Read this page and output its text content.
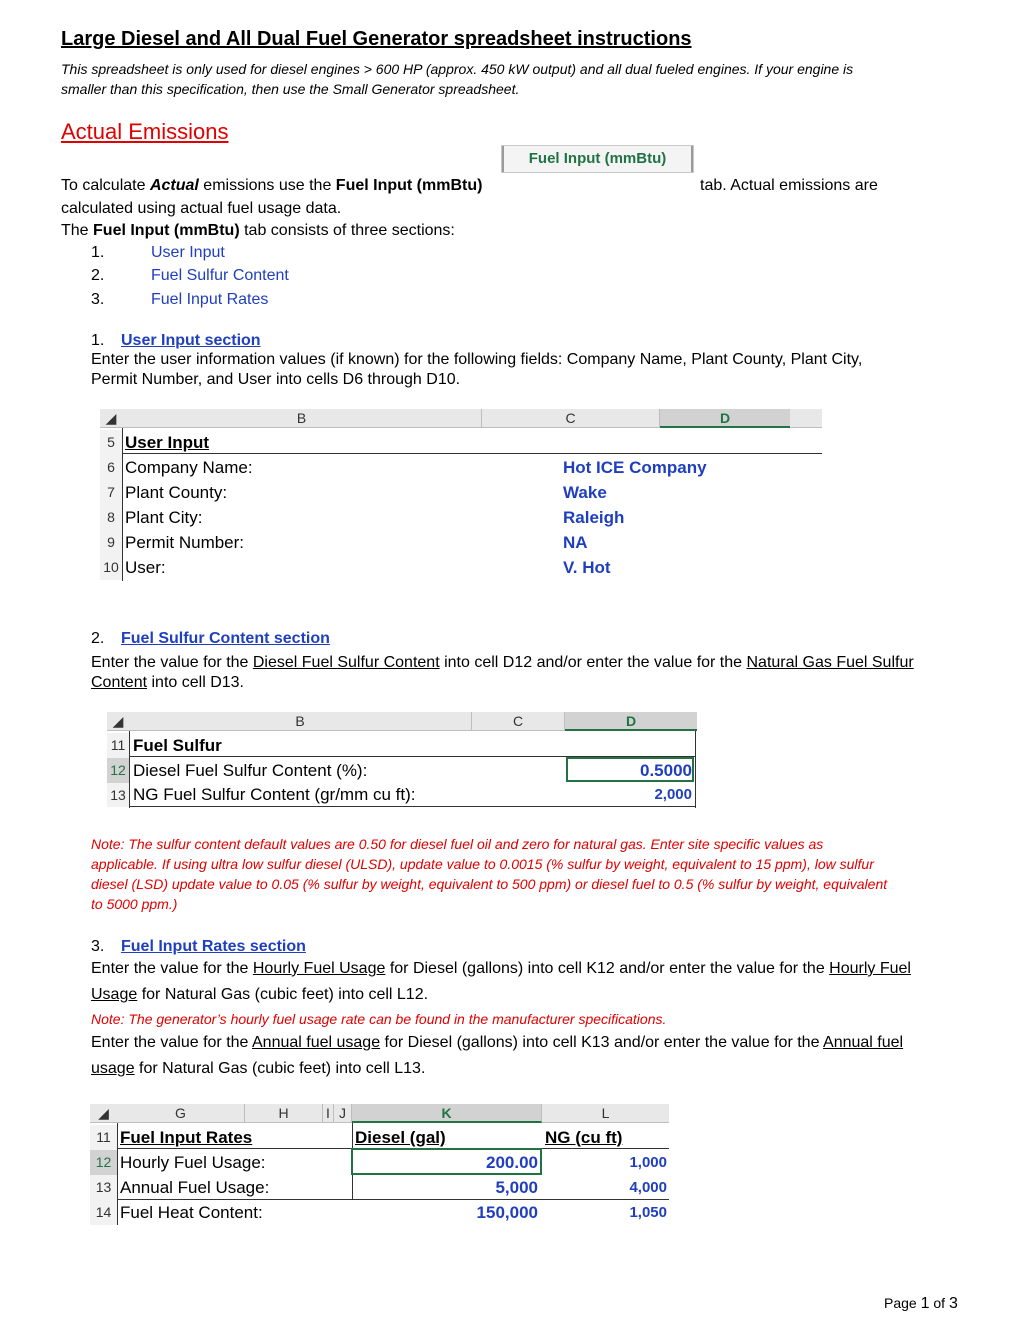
Large Diesel and All Dual Fuel Generator spreadsheet instructions
This spreadsheet is only used for diesel engines > 600 HP (approx. 450 kW output) and all dual fueled engines. If your engine is
smaller than this specification, then use the Small Generator spreadsheet.
Actual Emissions
Fuel Input (mmBtu)
To calculate Actual emissions use the Fuel Input (mmBtu)	tab. Actual emissions are
calculated using actual fuel usage data.
The Fuel Input (mmBtu) tab consists of three sections:
1.	User Input
2.	Fuel Sulfur Content
3.	Fuel Input Rates
1. User Input section
Enter the user information values (if known) for the following fields: Company Name, Plant County, Plant City,
Permit Number, and User into cells D6 through D10.
◢	B	C	D
5 User Input
6 Company Name:	Hot ICE Company
7 Plant County:	Wake
8 Plant City:	Raleigh
9 Permit Number:	NA
10 User:	V. Hot
2. Fuel Sulfur Content section
Enter the value for the Diesel Fuel Sulfur Content into cell D12 and/or enter the value for the Natural Gas Fuel Sulfur
Content into cell D13.
◢	B	C	D
11 Fuel Sulfur
12 Diesel Fuel Sulfur Content (%):	0.5000
13 NG Fuel Sulfur Content (gr/mm cu ft):	2,000
Note: The sulfur content default values are 0.50 for diesel fuel oil and zero for natural gas. Enter site specific values as
applicable. If using ultra low sulfur diesel (ULSD), update value to 0.0015 (% sulfur by weight, equivalent to 15 ppm), low sulfur
diesel (LSD) update value to 0.05 (% sulfur by weight, equivalent to 500 ppm) or diesel fuel to 0.5 (% sulfur by weight, equivalent
to 5000 ppm.)
3. Fuel Input Rates section
Enter the value for the Hourly Fuel Usage for Diesel (gallons) into cell K12 and/or enter the value for the Hourly Fuel
Usage for Natural Gas (cubic feet) into cell L12.
Note: The generator’s hourly fuel usage rate can be found in the manufacturer specifications.
Enter the value for the Annual fuel usage for Diesel (gallons) into cell K13 and/or enter the value for the Annual fuel
usage for Natural Gas (cubic feet) into cell L13.
◢	G	H	I J	K	L
11 Fuel Input Rates	Diesel (gal)	NG (cu ft)
12 Hourly Fuel Usage:	200.00	1,000
13 Annual Fuel Usage:	5,000	4,000
14 Fuel Heat Content:	150,000	1,050
Page 1 of 3
